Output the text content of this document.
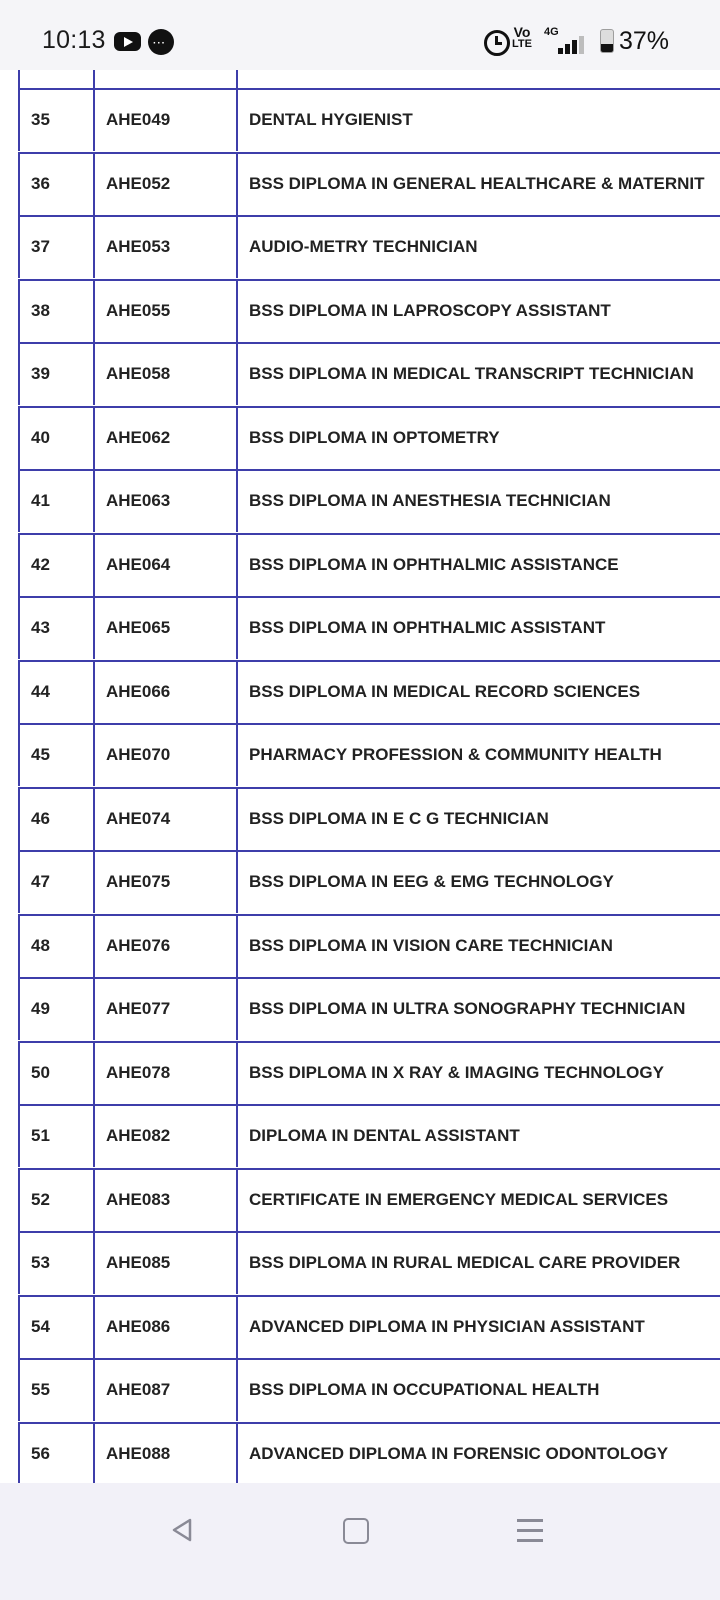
10:13	···
Vo
LTE
4G 37%
35	AHE049	DENTAL HYGIENIST
36	AHE052	BSS DIPLOMA IN GENERAL HEALTHCARE & MATERNIT
37	AHE053	AUDIO-METRY TECHNICIAN
38	AHE055	BSS DIPLOMA IN LAPROSCOPY ASSISTANT
39	AHE058	BSS DIPLOMA IN MEDICAL TRANSCRIPT TECHNICIAN
40	AHE062	BSS DIPLOMA IN OPTOMETRY
41	AHE063	BSS DIPLOMA IN ANESTHESIA TECHNICIAN
42	AHE064	BSS DIPLOMA IN OPHTHALMIC ASSISTANCE
43	AHE065	BSS DIPLOMA IN OPHTHALMIC ASSISTANT
44	AHE066	BSS DIPLOMA IN MEDICAL RECORD SCIENCES
45	AHE070	PHARMACY PROFESSION & COMMUNITY HEALTH
46	AHE074	BSS DIPLOMA IN E C G TECHNICIAN
47	AHE075	BSS DIPLOMA IN EEG & EMG TECHNOLOGY
48	AHE076	BSS DIPLOMA IN VISION CARE TECHNICIAN
49	AHE077	BSS DIPLOMA IN ULTRA SONOGRAPHY TECHNICIAN
50	AHE078	BSS DIPLOMA IN X RAY & IMAGING TECHNOLOGY
51	AHE082	DIPLOMA IN DENTAL ASSISTANT
52	AHE083	CERTIFICATE IN EMERGENCY MEDICAL SERVICES
53	AHE085	BSS DIPLOMA IN RURAL MEDICAL CARE PROVIDER
54	AHE086	ADVANCED DIPLOMA IN PHYSICIAN ASSISTANT
55	AHE087	BSS DIPLOMA IN OCCUPATIONAL HEALTH
56	AHE088	ADVANCED DIPLOMA IN FORENSIC ODONTOLOGY
